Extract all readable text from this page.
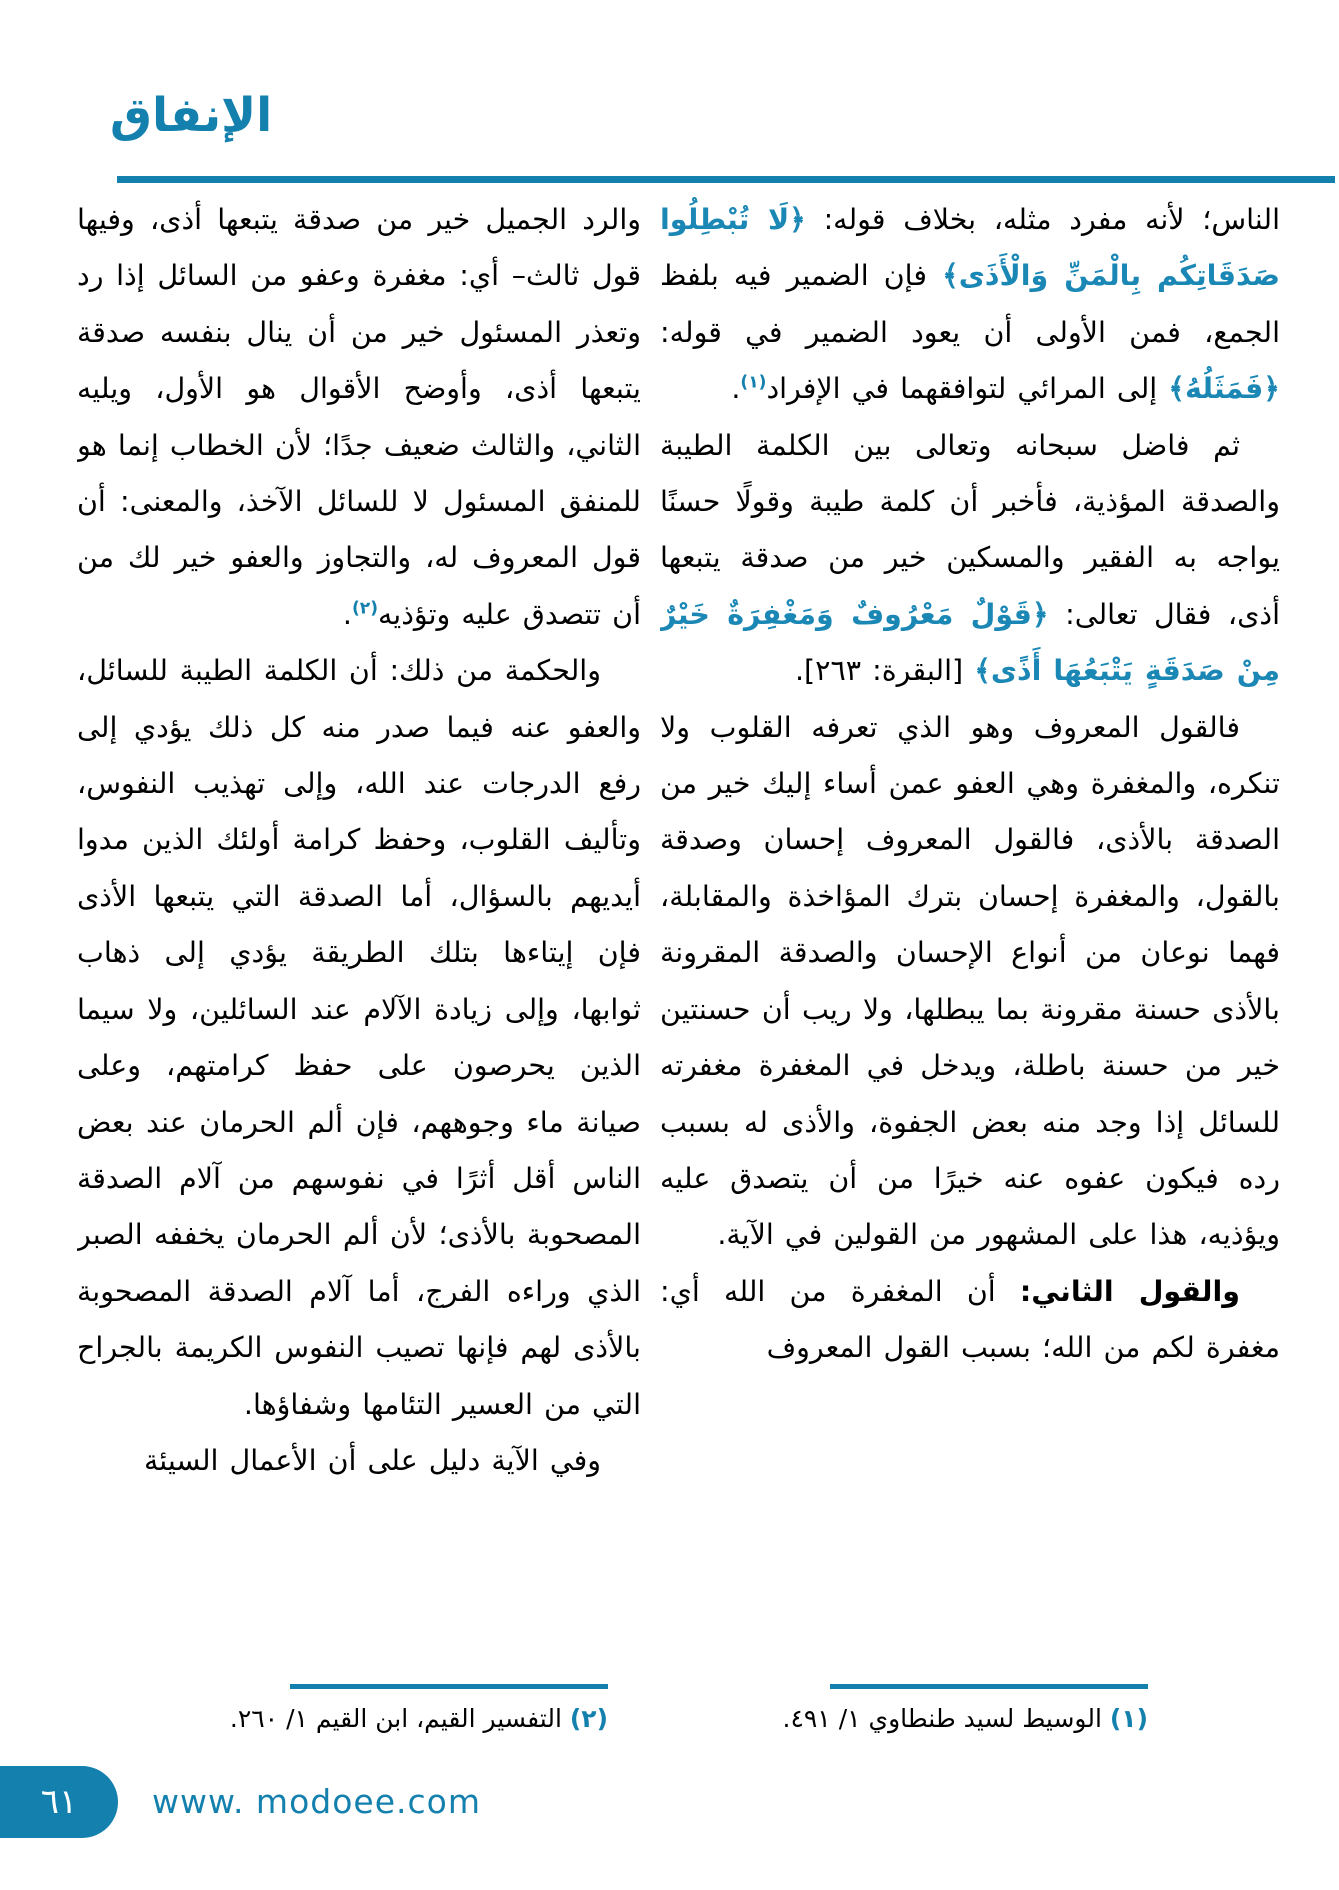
الإنفاق

الناس؛ لأنه مفرد مثله، بخلاف قوله: ﴿لَا تُبْطِلُوا صَدَقَاتِكُم بِالْمَنِّ وَالْأَذَى﴾ فإن الضمير فيه بلفظ الجمع، فمن الأولى أن يعود الضمير في قوله: ﴿فَمَثَلُهُ﴾ إلى المرائي لتوافقهما في الإفراد$^{(١)}$.

ثم فاضل سبحانه وتعالى بين الكلمة الطيبة والصدقة المؤذية، فأخبر أن كلمة طيبة وقولًا حسنًا يواجه به الفقير والمسكين خير من صدقة يتبعها أذى، فقال تعالى: ﴿قَوْلٌ مَعْرُوفٌ وَمَغْفِرَةٌ خَيْرٌ مِنْ صَدَقَةٍ يَتْبَعُهَا أَذًى﴾ [البقرة: ٢٦٣].

فالقول المعروف وهو الذي تعرفه القلوب ولا تنكره، والمغفرة وهي العفو عمن أساء إليك خير من الصدقة بالأذى، فالقول المعروف إحسان وصدقة بالقول، والمغفرة إحسان بترك المؤاخذة والمقابلة، فهما نوعان من أنواع الإحسان والصدقة المقرونة بالأذى حسنة مقرونة بما يبطلها، ولا ريب أن حسنتين خير من حسنة باطلة، ويدخل في المغفرة مغفرته للسائل إذا وجد منه بعض الجفوة، والأذى له بسبب رده فيكون عفوه عنه خيرًا من أن يتصدق عليه ويؤذيه، هذا على المشهور من القولين في الآية.

والقول الثاني: أن المغفرة من الله أي: مغفرة لكم من الله؛ بسبب القول المعروف

والرد الجميل خير من صدقة يتبعها أذى، وفيها قول ثالث– أي: مغفرة وعفو من السائل إذا رد وتعذر المسئول خير من أن ينال بنفسه صدقة يتبعها أذى، وأوضح الأقوال هو الأول، ويليه الثاني، والثالث ضعيف جدًا؛ لأن الخطاب إنما هو للمنفق المسئول لا للسائل الآخذ، والمعنى: أن قول المعروف له، والتجاوز والعفو خير لك من أن تتصدق عليه وتؤذيه$^{(٢)}$.

والحكمة من ذلك: أن الكلمة الطيبة للسائل، والعفو عنه فيما صدر منه كل ذلك يؤدي إلى رفع الدرجات عند الله، وإلى تهذيب النفوس، وتأليف القلوب، وحفظ كرامة أولئك الذين مدوا أيديهم بالسؤال، أما الصدقة التي يتبعها الأذى فإن إيتاءها بتلك الطريقة يؤدي إلى ذهاب ثوابها، وإلى زيادة الآلام عند السائلين، ولا سيما الذين يحرصون على حفظ كرامتهم، وعلى صيانة ماء وجوههم، فإن ألم الحرمان عند بعض الناس أقل أثرًا في نفوسهم من آلام الصدقة المصحوبة بالأذى؛ لأن ألم الحرمان يخففه الصبر الذي وراءه الفرج، أما آلام الصدقة المصحوبة بالأذى لهم فإنها تصيب النفوس الكريمة بالجراح التي من العسير التئامها وشفاؤها.

وفي الآية دليل على أن الأعمال السيئة

(١) الوسيط لسيد طنطاوي ١/ ٤٩١.
(٢) التفسير القيم، ابن القيم ١/ ٢٦٠.
٦١ www. modoee.com
